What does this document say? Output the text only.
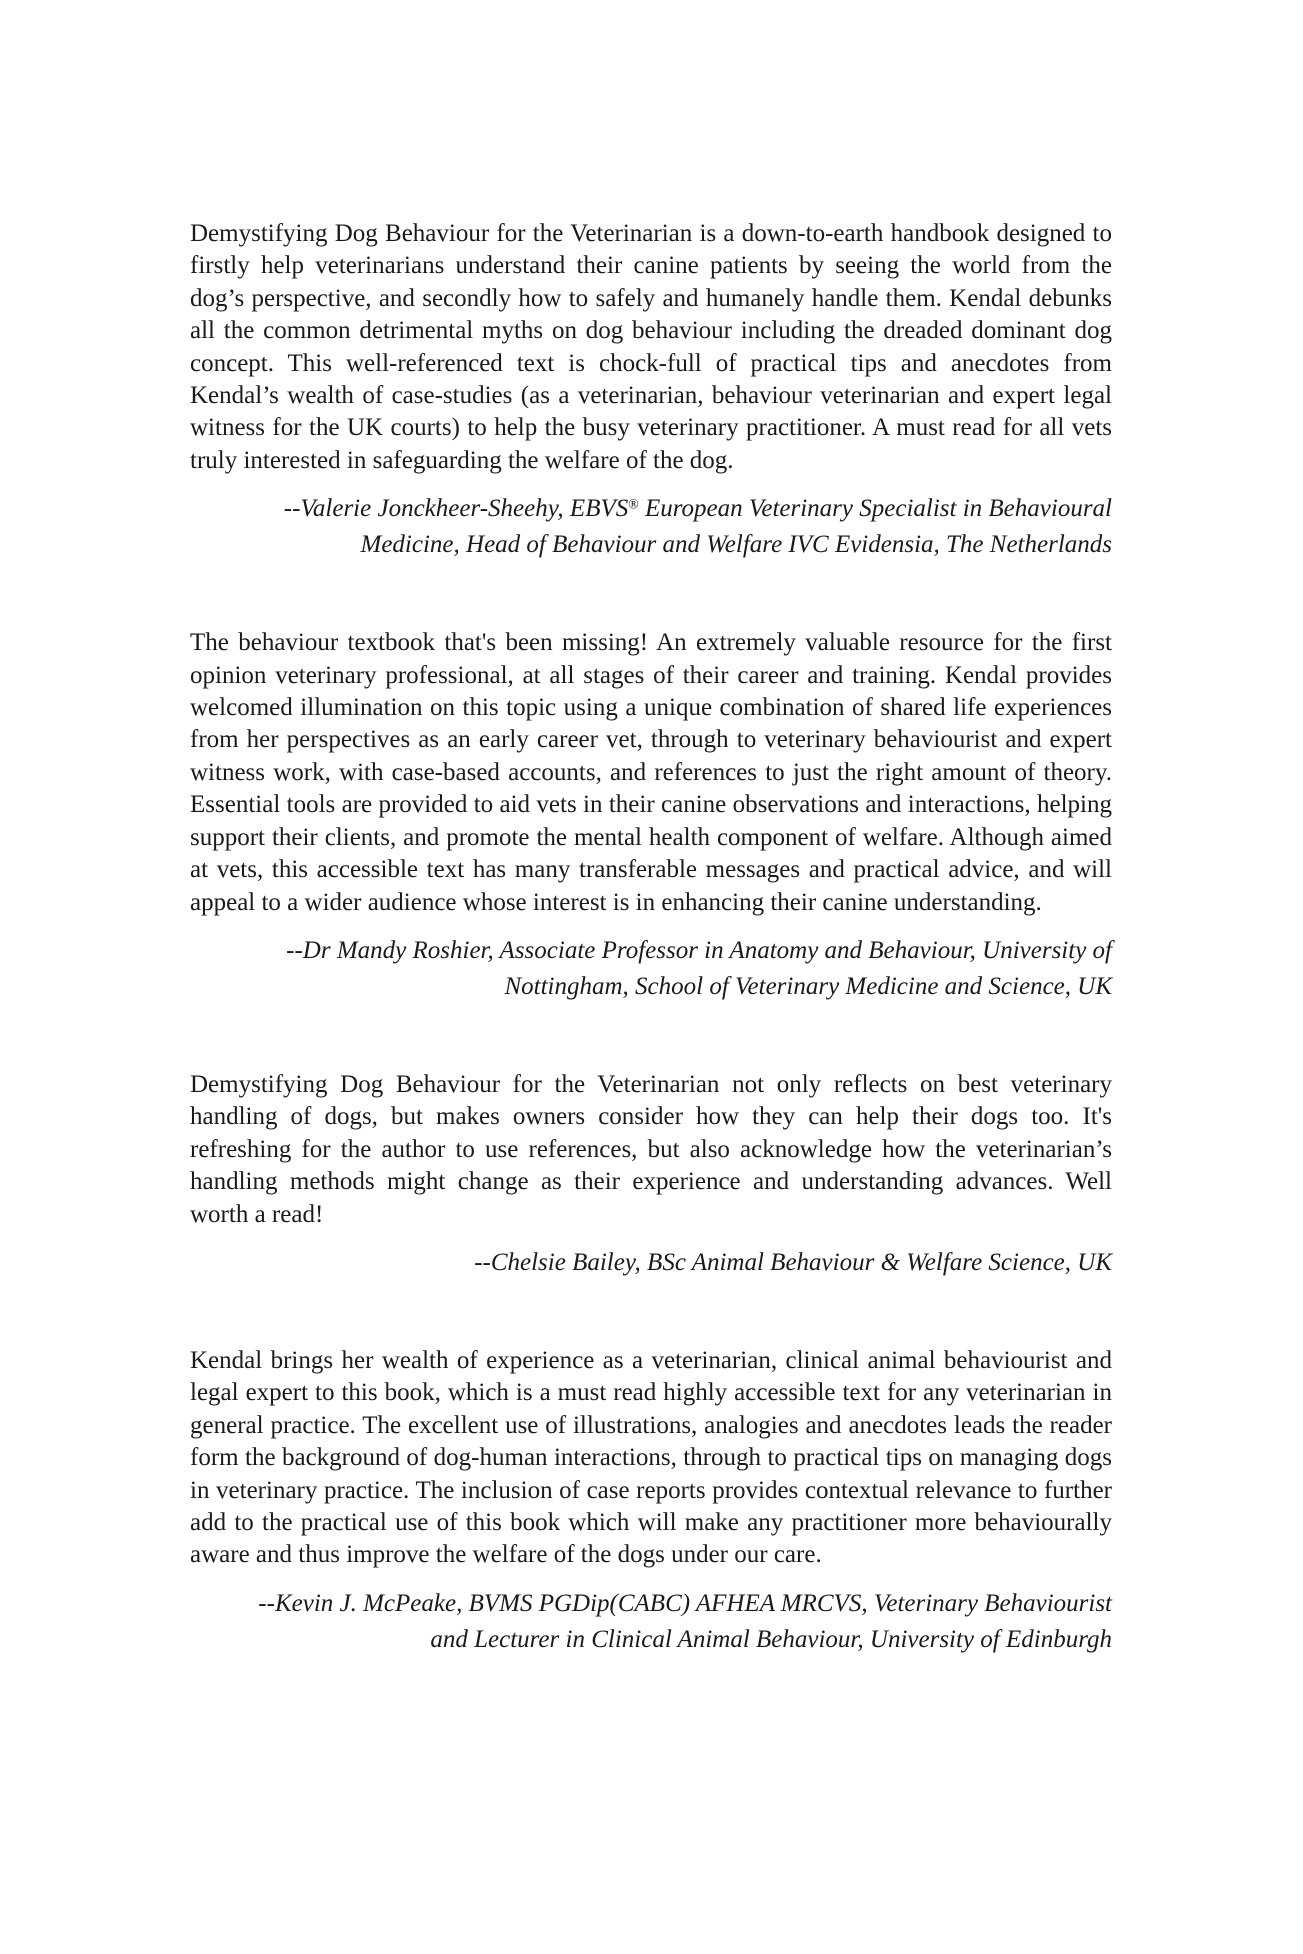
Demystifying Dog Behaviour for the Veterinarian is a down-to-earth handbook designed to firstly help veterinarians understand their canine patients by seeing the world from the dog’s perspective, and secondly how to safely and humanely handle them. Kendal debunks all the common detrimental myths on dog behaviour including the dreaded dominant dog concept. This well-referenced text is chock-full of practical tips and anecdotes from Kendal’s wealth of case-studies (as a veterinarian, behaviour veterinarian and expert legal witness for the UK courts) to help the busy veterinary practitioner. A must read for all vets truly interested in safeguarding the welfare of the dog.

--Valerie Jonckheer-Sheehy, EBVS® European Veterinary Specialist in Behavioural
Medicine, Head of Behaviour and Welfare IVC Evidensia, The Netherlands

The behaviour textbook that's been missing! An extremely valuable resource for the first opinion veterinary professional, at all stages of their career and training. Kendal provides welcomed illumination on this topic using a unique combination of shared life experiences from her perspectives as an early career vet, through to veterinary behaviourist and expert witness work, with case-based accounts, and references to just the right amount of theory. Essential tools are provided to aid vets in their canine observations and interactions, helping support their clients, and promote the mental health component of welfare. Although aimed at vets, this accessible text has many transferable messages and practical advice, and will appeal to a wider audience whose interest is in enhancing their canine understanding.

--Dr Mandy Roshier, Associate Professor in Anatomy and Behaviour, University of
Nottingham, School of Veterinary Medicine and Science, UK

Demystifying Dog Behaviour for the Veterinarian not only reflects on best veterinary handling of dogs, but makes owners consider how they can help their dogs too. It's refreshing for the author to use references, but also acknowledge how the veterinarian’s handling methods might change as their experience and understanding advances. Well worth a read!

--Chelsie Bailey, BSc Animal Behaviour & Welfare Science, UK

Kendal brings her wealth of experience as a veterinarian, clinical animal behaviourist and legal expert to this book, which is a must read highly accessible text for any veterinarian in general practice. The excellent use of illustrations, analogies and anecdotes leads the reader form the background of dog-human interactions, through to practical tips on managing dogs in veterinary practice. The inclusion of case reports provides contextual relevance to further add to the practical use of this book which will make any practitioner more behaviourally aware and thus improve the welfare of the dogs under our care.

--Kevin J. McPeake, BVMS PGDip(CABC) AFHEA MRCVS, Veterinary Behaviourist
and Lecturer in Clinical Animal Behaviour, University of Edinburgh
